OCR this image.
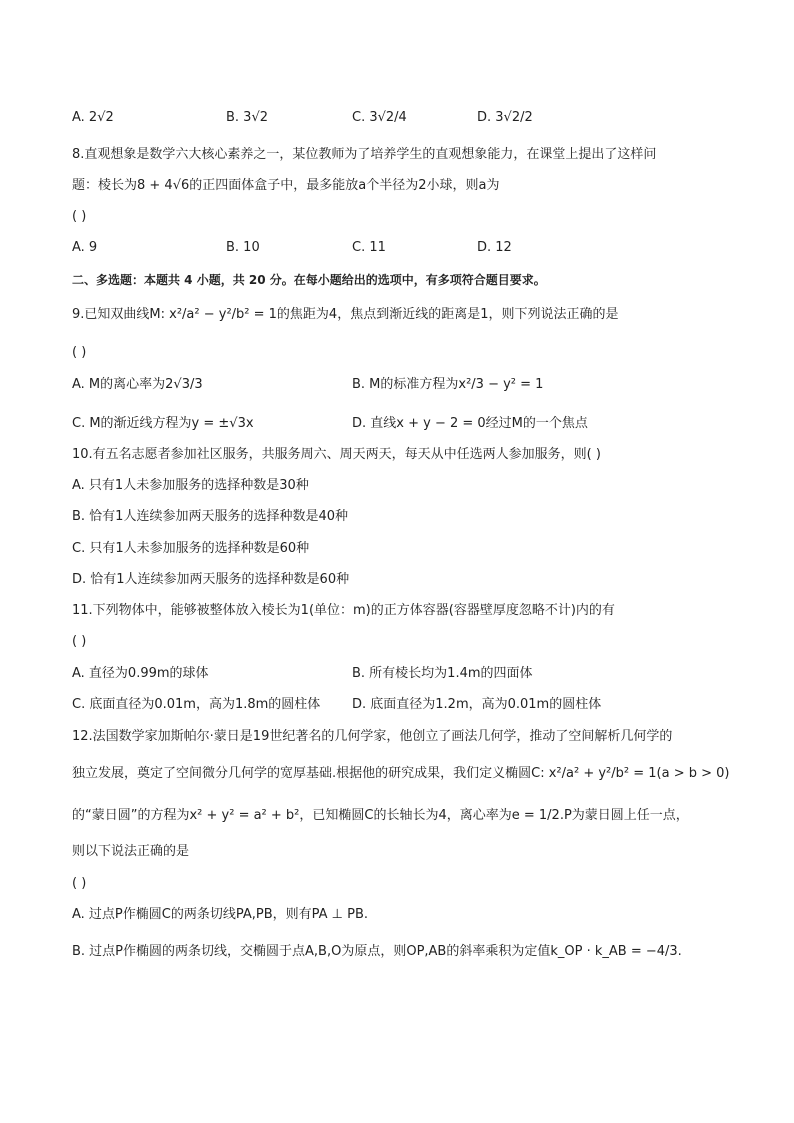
A. 2√2	B. 3√2	C. 3√2/4	D. 3√2/2
8.直观想象是数学六大核心素养之一，某位教师为了培养学生的直观想象能力，在课堂上提出了这样问
题：棱长为8 + 4√6的正四面体盒子中，最多能放a个半径为2小球，则a为
( )
A. 9	B. 10	C. 11	D. 12
二、多选题：本题共 4 小题，共 20 分。在每小题给出的选项中，有多项符合题目要求。
9.已知双曲线M: x²/a² − y²/b² = 1的焦距为4，焦点到渐近线的距离是1，则下列说法正确的是
( )
A. M的离心率为2√3/3	B. M的标准方程为x²/3 − y² = 1
C. M的渐近线方程为y = ±√3x	D. 直线x + y − 2 = 0经过M的一个焦点
10.有五名志愿者参加社区服务，共服务周六、周天两天，每天从中任选两人参加服务，则( )
A. 只有1人未参加服务的选择种数是30种
B. 恰有1人连续参加两天服务的选择种数是40种
C. 只有1人未参加服务的选择种数是60种
D. 恰有1人连续参加两天服务的选择种数是60种
11.下列物体中，能够被整体放入棱长为1(单位：m)的正方体容器(容器壁厚度忽略不计)内的有
( )
A. 直径为0.99m的球体	B. 所有棱长均为1.4m的四面体
C. 底面直径为0.01m，高为1.8m的圆柱体 D. 底面直径为1.2m，高为0.01m的圆柱体
12.法国数学家加斯帕尔·蒙日是19世纪著名的几何学家，他创立了画法几何学，推动了空间解析几何学的
独立发展，奠定了空间微分几何学的宽厚基础.根据他的研究成果，我们定义椭圆C: x²/a² + y²/b² = 1(a > b > 0)
的“蒙日圆”的方程为x² + y² = a² + b²，已知椭圆C的长轴长为4，离心率为e = 1/2.P为蒙日圆上任一点，
则以下说法正确的是
( )
A. 过点P作椭圆C的两条切线PA,PB，则有PA ⊥ PB.
B. 过点P作椭圆的两条切线，交椭圆于点A,B,O为原点，则OP,AB的斜率乘积为定值k_OP · k_AB = −4/3.
